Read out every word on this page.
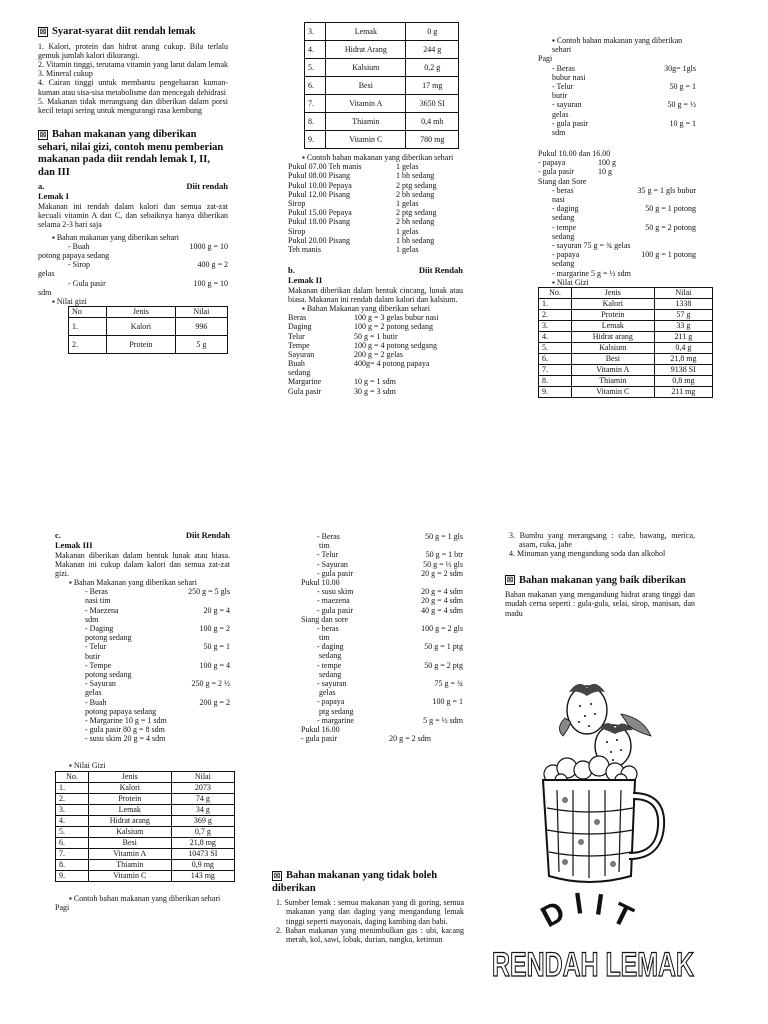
☒ Syarat-syarat diit rendah lemak

1. Kalori, protein dan hidrat arang cukup. Bila terlalu gemuk jumlah kalori dikurangi.

2. Vitamin tinggi, terutama vitamin yang larut dalam lemak

3. Mineral cukup

4. Cairan tinggi untuk membantu pengeluaran kuman-kuman atau sisa-sisa metabolisme dan mencegah dehidrasi

5. Makanan tidak merangsang dan diberikan dalam porsi kecil tetapi sering untuk mengurangi rasa kembung

☒ Bahan makanan yang diberikan sehari, nilai gizi, contoh menu pemberian makanan pada diit rendah lemak I, II, dan III
a.	Diit rendah
Lemak I

Makanan ini rendah dalam kalori dan semua zat-zat kecuali vitamin A dan C, dan sebaiknya hanya diberikan selama 2-3 hari saja

▪ Bahan makanan yang diberikan sehari
- Buah	1000 g = 10
potong papaya sedang
- Sirop	400 g = 2
gelas
- Gula pasir	100 g = 10
sdm
▪ Nilai gizi
No	Jenis	Nilai
1.	Kalori	996
2.	Protein	5 g
3.	Lemak	0 g
4.	Hidrat Arang	244 g
5.	Kalsium	0,2 g
6.	Besi	17 mg
7.	Vitamin A	3650 SI
8.	Thiamin	0,4 mb
9.	Vitamin C	780 mg
▪ Contoh bahan makanan yang diberikan sehari
Pukul 07.00 Teh manis	1 gelas
Pukul 08.00 Pisang	1 bh sedang
Pukul 10.00 Pepaya	2 ptg sedang
Pukul 12.00 Pisang	2 bh sedang
Sirop	1 gelas
Pukul 15.00 Pepaya	2 ptg sedang
Pukul 18.00 Pisang	2 bh sedang
Sirop	1 gelas
Pukul 20.00 Pisang	1 bh sedang
Teh manis	1 gelas
b.	Diit Rendah
Lemak II

Makanan diberikan dalam bentuk cincang, lunak atau biasa. Makanan ini rendah dalam kalori dan kalsium.

▪ Bahan Makanan yang diberikan sehari
Beras	100 g = 3 gelas bubur nasi
Daging	100 g = 2 potong sedang
Telur	50 g = 1 butir
Tempe	100 g = 4 potong sedgang
Sayuran	200 g = 2 gelas
Buah	400g= 4 potong papaya
sedang
Margarine	10 g = 1 sdm
Gula pasir	30 g = 3 sdm
▪ Contoh bahan makanan yang diberikan sehari
Pagi
- Beras	30g= 1gls
bubur nasi
- Telur	50 g = 1
butir
- sayuran	50 g = ½
gelas
- gula pasir	10 g = 1
sdm
Pukul 10.00 dan 16.00
- papaya	100 g
- gula pasir	10 g
Siang dan Sore
- beras	35 g = 1 gls bubur
nasi
- daging	50 g = 1 potong
sedang
- tempe	50 g = 2 potong
sedang
- sayuran 75 g = ¾ gelas
- papaya	100 g = 1 potong
sedang
- margarine 5 g = ½ sdm
▪ Nilai Gizi
No.	Jenis	Nilai
1.	Kalori	1338
2.	Protein	57 g
3.	Lemak	33 g
4.	Hidrat arang	211 g
5.	Kalsium	0,4 g
6.	Besi	21,8 mg
7.	Vitamin A	9138 SI
8.	Thiamin	0,8 mg
9.	Vitamin C	211 mg
c.	Diit Rendah
Lemak III

Makanan diberikan dalam bentuk lunak atau biasa. Makanan ini cukup dalam kalori dan semua zat-zat gizi.

▪ Bahan Makanan yang diberikan sehari
- Beras	250 g = 5 gls
nasi tim
- Maezena	20 g = 4
sdm
- Daging	100 g = 2
potong sedang
- Telur	50 g = 1
butir
- Tempe	100 g = 4
potong sedang
- Sayuran	250 g = 2 ½
gelas
- Buah	200 g = 2
potong papaya sedang
- Margarine 10 g = 1 sdm
- gula pasir 80 g = 8 sdm
- susu skim 20 g = 4 sdm
▪ Nilai Gizi
No.	Jenis	Nilai
1.	Kalori	2073
2.	Protein	74 g
3.	Lemak	34 g
4.	Hidrat arang	369 g
5.	Kalsium	0,7 g
6.	Besi	21,8 mg
7.	Vitamin A	10473 SI
8.	Thiamin	0,9 mg
9.	Vitamin C	143 mg
▪ Contoh bahan makanan yang diberikan sehari
Pagi
- Beras	50 g = 1 gls
tim
- Telur	50 g = 1 btr
- Sayuran	50 g = ½ gls
- gula pasir	20 g = 2 sdm
Pukul 10.00
- susu skim	20 g = 4 sdm
- maezena	20 g = 4 sdm
- gula pasir	40 g = 4 sdm
Siang dan sore
- beras	100 g = 2 gls
tim
- daging	50 g = 1 ptg
sedang
- tempe	50 g = 2 ptg
sedang
- sayuran	75 g = ¾
gelas
- papaya	100 g = 1
ptg sedang
- margarine	5 g = ½ sdm
Pukul 16.00
- gula pasir	20 g = 2 sdm
☒ Bahan makanan yang tidak boleh diberikan

1. Sumber lemak : semua makanan yang di goring, semua makanan yang dan daging yang mengandung lemak tinggi seperti mayonais, daging kambing dan babi.

2. Bahan makanan yang menimbulkan gas : ubi, kacang merah, kol, sawi, lobak, durian, nangka, ketimun

3. Bumbu yang merangsang : cabe, bawang, merica, asam, cuka, jahe

4. Minuman yang mengandung soda dan alkohol

☒ Bahan makanan yang baik diberikan

Bahan makanan yang mengandung hidrat arang tinggi dan mudah cerna seperti : gula-gula, selai, sirop, manisan, dan madu

D I I T
RENDAH LEMAK
